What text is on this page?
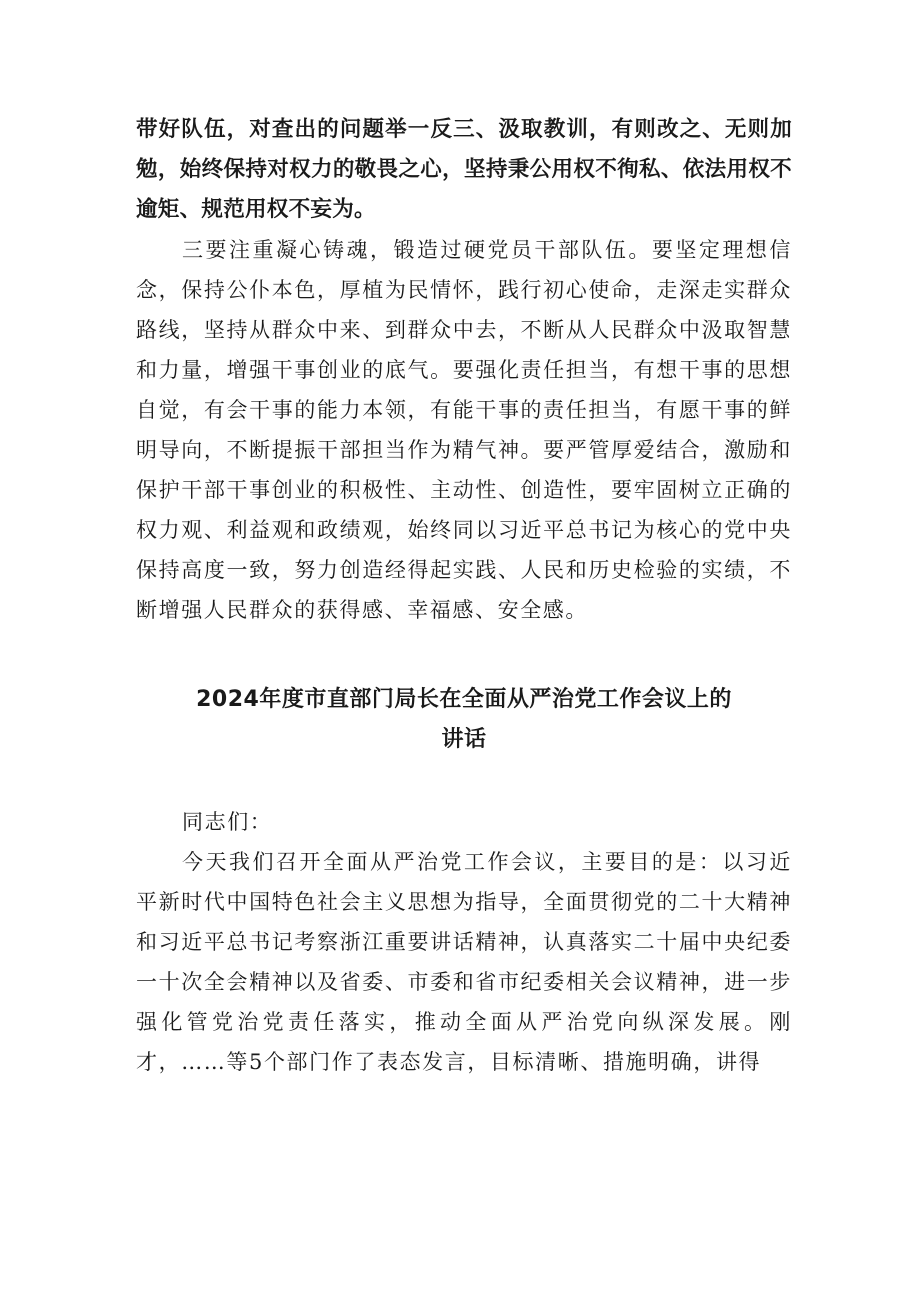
带好队伍，对查出的问题举一反三、汲取教训，有则改之、无则加勉，始终保持对权力的敬畏之心，坚持秉公用权不徇私、依法用权不逾矩、规范用权不妄为。

三要注重凝心铸魂，锻造过硬党员干部队伍。要坚定理想信念，保持公仆本色，厚植为民情怀，践行初心使命，走深走实群众路线，坚持从群众中来、到群众中去，不断从人民群众中汲取智慧和力量，增强干事创业的底气。要强化责任担当，有想干事的思想自觉，有会干事的能力本领，有能干事的责任担当，有愿干事的鲜明导向，不断提振干部担当作为精气神。要严管厚爱结合，激励和保护干部干事创业的积极性、主动性、创造性，要牢固树立正确的权力观、利益观和政绩观，始终同以习近平总书记为核心的党中央保持高度一致，努力创造经得起实践、人民和历史检验的实绩，不断增强人民群众的获得感、幸福感、安全感。

2024年度市直部门局长在全面从严治党工作会议上的
讲话

同志们：

今天我们召开全面从严治党工作会议，主要目的是：以习近平新时代中国特色社会主义思想为指导，全面贯彻党的二十大精神和习近平总书记考察浙江重要讲话精神，认真落实二十届中央纪委一十次全会精神以及省委、市委和省市纪委相关会议精神，进一步强化管党治党责任落实，推动全面从严治党向纵深发展。刚才，……等5个部门作了表态发言，目标清晰、措施明确，讲得
